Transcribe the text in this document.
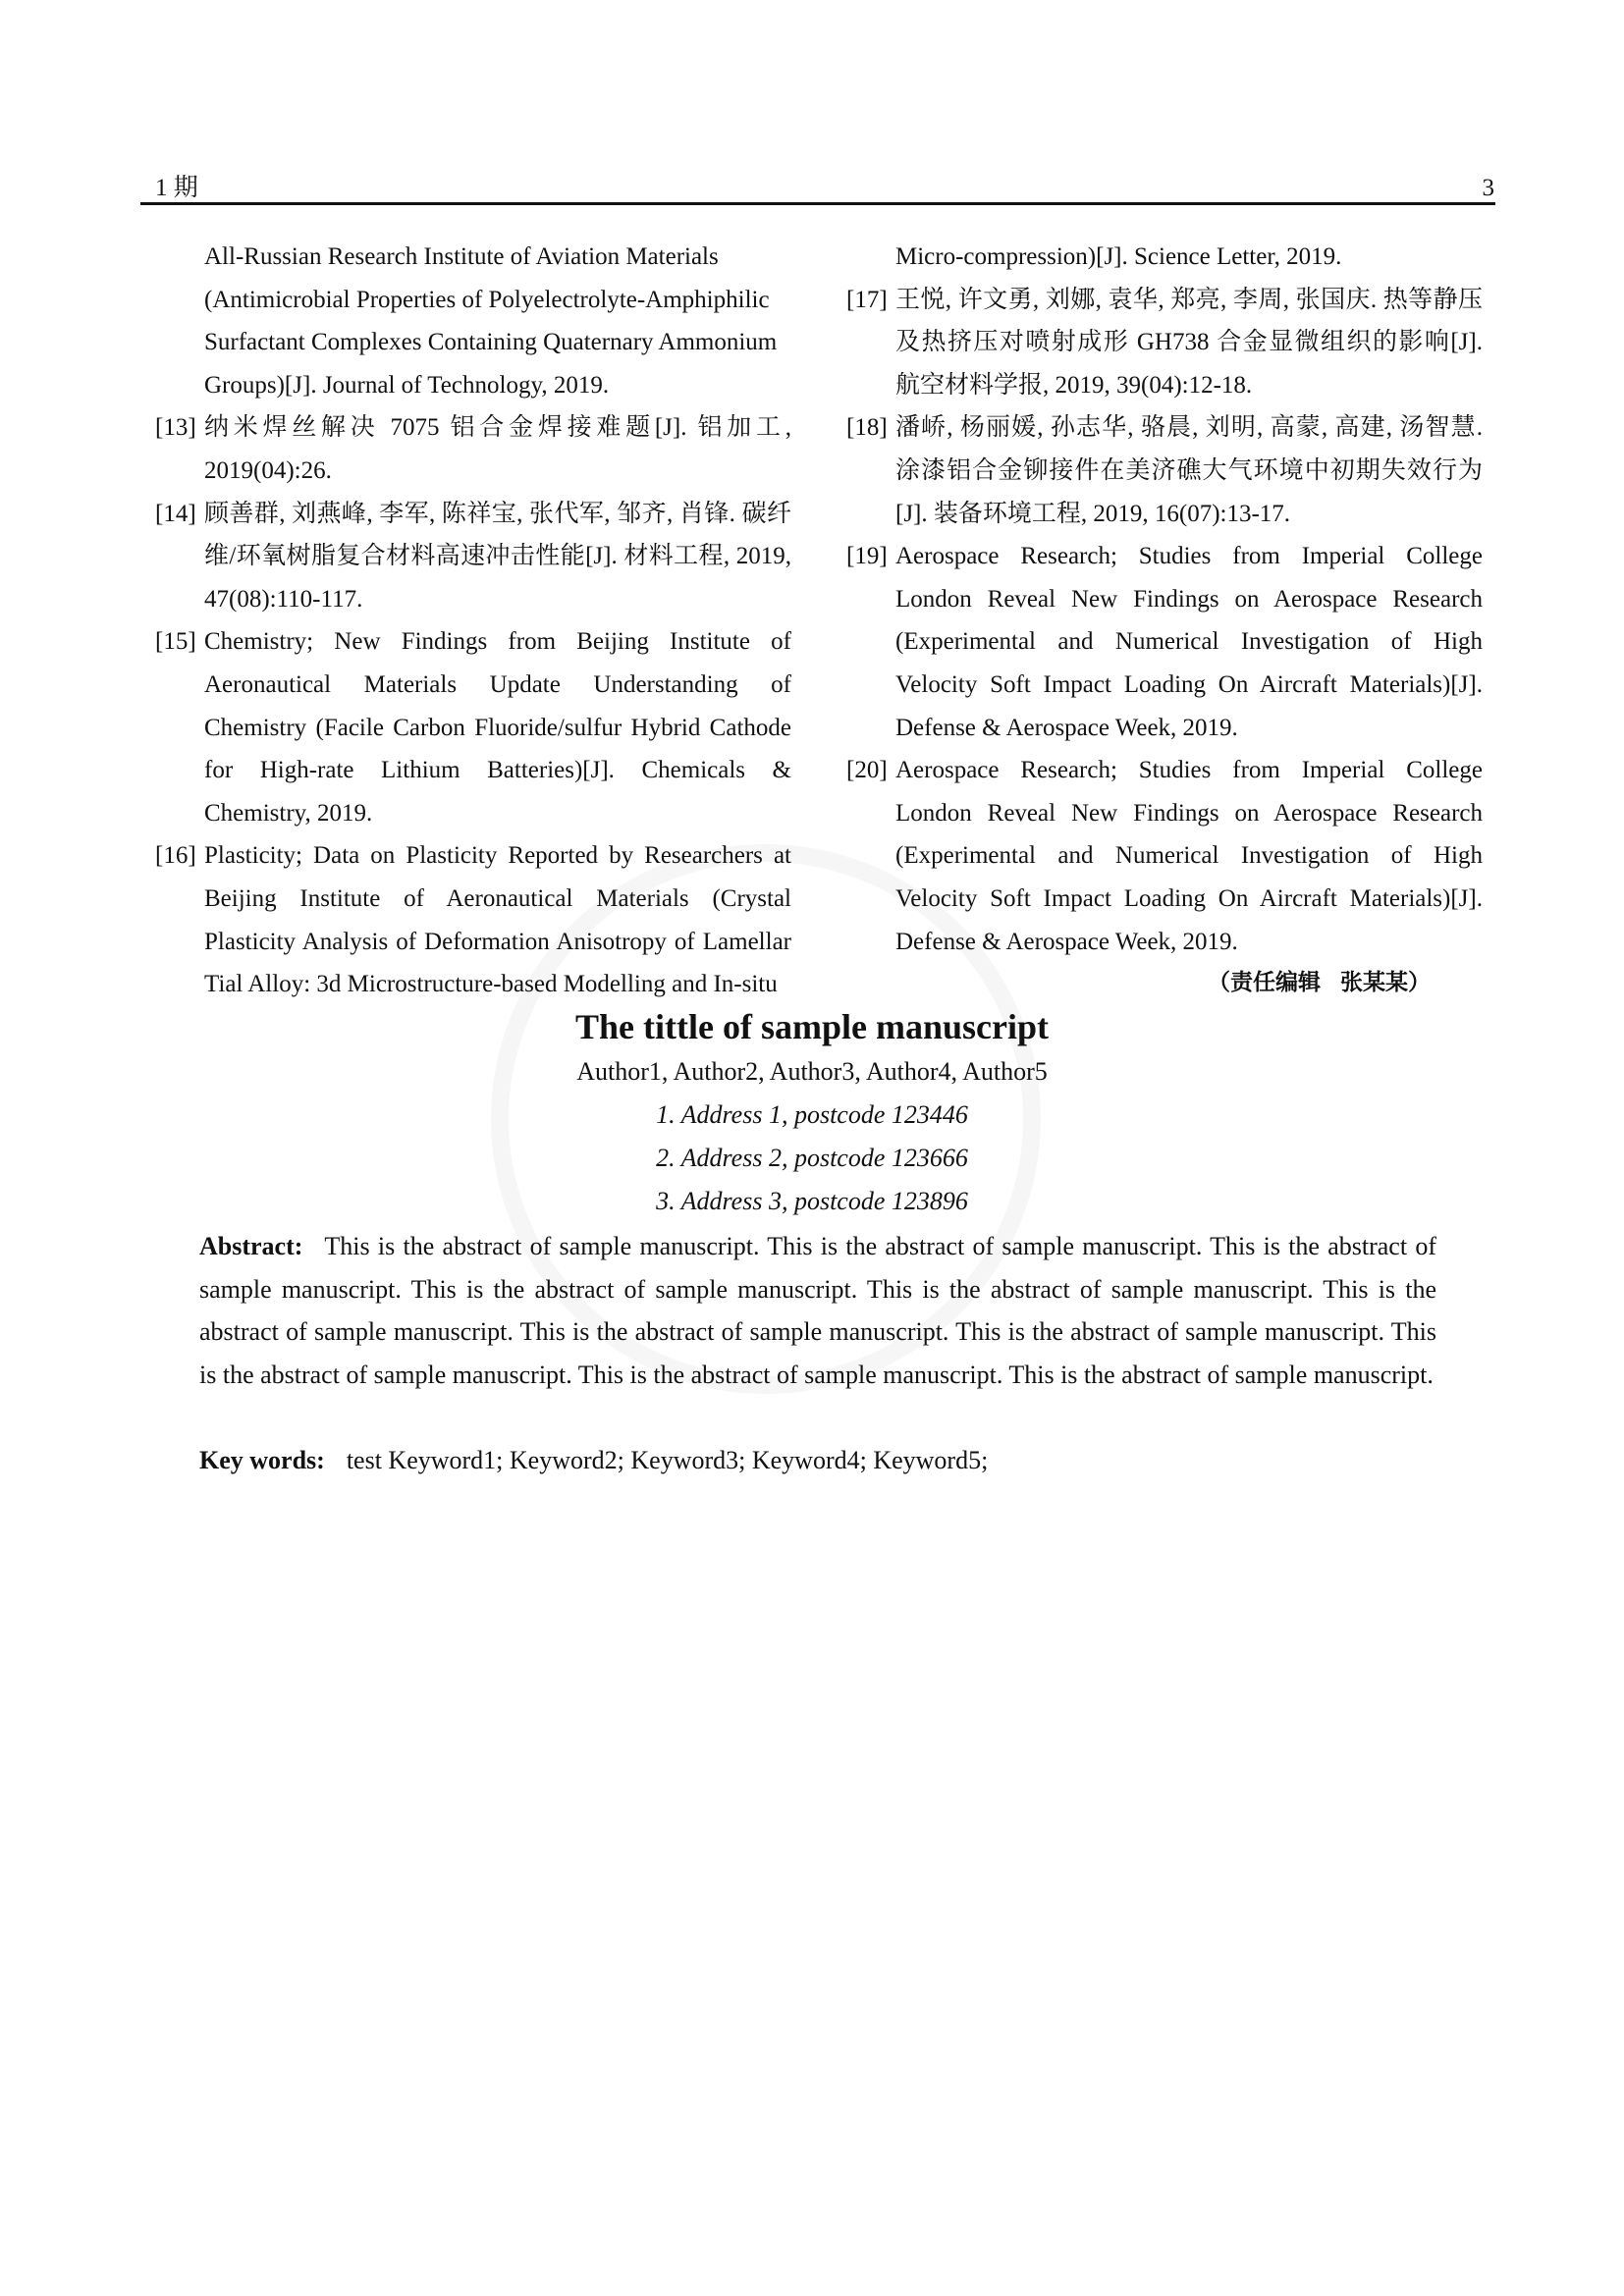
1 期	3
All-Russian Research Institute of Aviation Materials (Antimicrobial Properties of Polyelectrolyte-Amphiphilic Surfactant Complexes Containing Quaternary Ammonium Groups)[J]. Journal of Technology, 2019.
[13] 纳米焊丝解决 7075 铝合金焊接难题[J]. 铝加工, 2019(04):26.
[14] 顾善群, 刘燕峰, 李军, 陈祥宝, 张代军, 邹齐, 肖锋. 碳纤维/环氧树脂复合材料高速冲击性能[J]. 材料工程, 2019, 47(08):110-117.
[15] Chemistry; New Findings from Beijing Institute of Aeronautical Materials Update Understanding of Chemistry (Facile Carbon Fluoride/sulfur Hybrid Cathode for High-rate Lithium Batteries)[J]. Chemicals & Chemistry, 2019.
[16] Plasticity; Data on Plasticity Reported by Researchers at Beijing Institute of Aeronautical Materials (Crystal Plasticity Analysis of Deformation Anisotropy of Lamellar Tial Alloy: 3d Microstructure-based Modelling and In-situ
Micro-compression)[J]. Science Letter, 2019.
[17] 王悦, 许文勇, 刘娜, 袁华, 郑亮, 李周, 张国庆. 热等静压及热挤压对喷射成形 GH738 合金显微组织的影响[J]. 航空材料学报, 2019, 39(04):12-18.
[18] 潘峤, 杨丽媛, 孙志华, 骆晨, 刘明, 高蒙, 高建, 汤智慧. 涂漆铝合金铆接件在美济礁大气环境中初期失效行为[J]. 装备环境工程, 2019, 16(07):13-17.
[19] Aerospace Research; Studies from Imperial College London Reveal New Findings on Aerospace Research (Experimental and Numerical Investigation of High Velocity Soft Impact Loading On Aircraft Materials)[J]. Defense & Aerospace Week, 2019.
[20] Aerospace Research; Studies from Imperial College London Reveal New Findings on Aerospace Research (Experimental and Numerical Investigation of High Velocity Soft Impact Loading On Aircraft Materials)[J]. Defense & Aerospace Week, 2019.
（责任编辑 张某某）
The tittle of sample manuscript
Author1, Author2, Author3, Author4, Author5
1. Address 1, postcode 123446
2. Address 2, postcode 123666
3. Address 3, postcode 123896
Abstract: This is the abstract of sample manuscript. This is the abstract of sample manuscript. This is the abstract of sample manuscript. This is the abstract of sample manuscript. This is the abstract of sample manuscript. This is the abstract of sample manuscript. This is the abstract of sample manuscript. This is the abstract of sample manuscript. This is the abstract of sample manuscript. This is the abstract of sample manuscript. This is the abstract of sample manuscript.
Key words: test Keyword1; Keyword2; Keyword3; Keyword4; Keyword5;
